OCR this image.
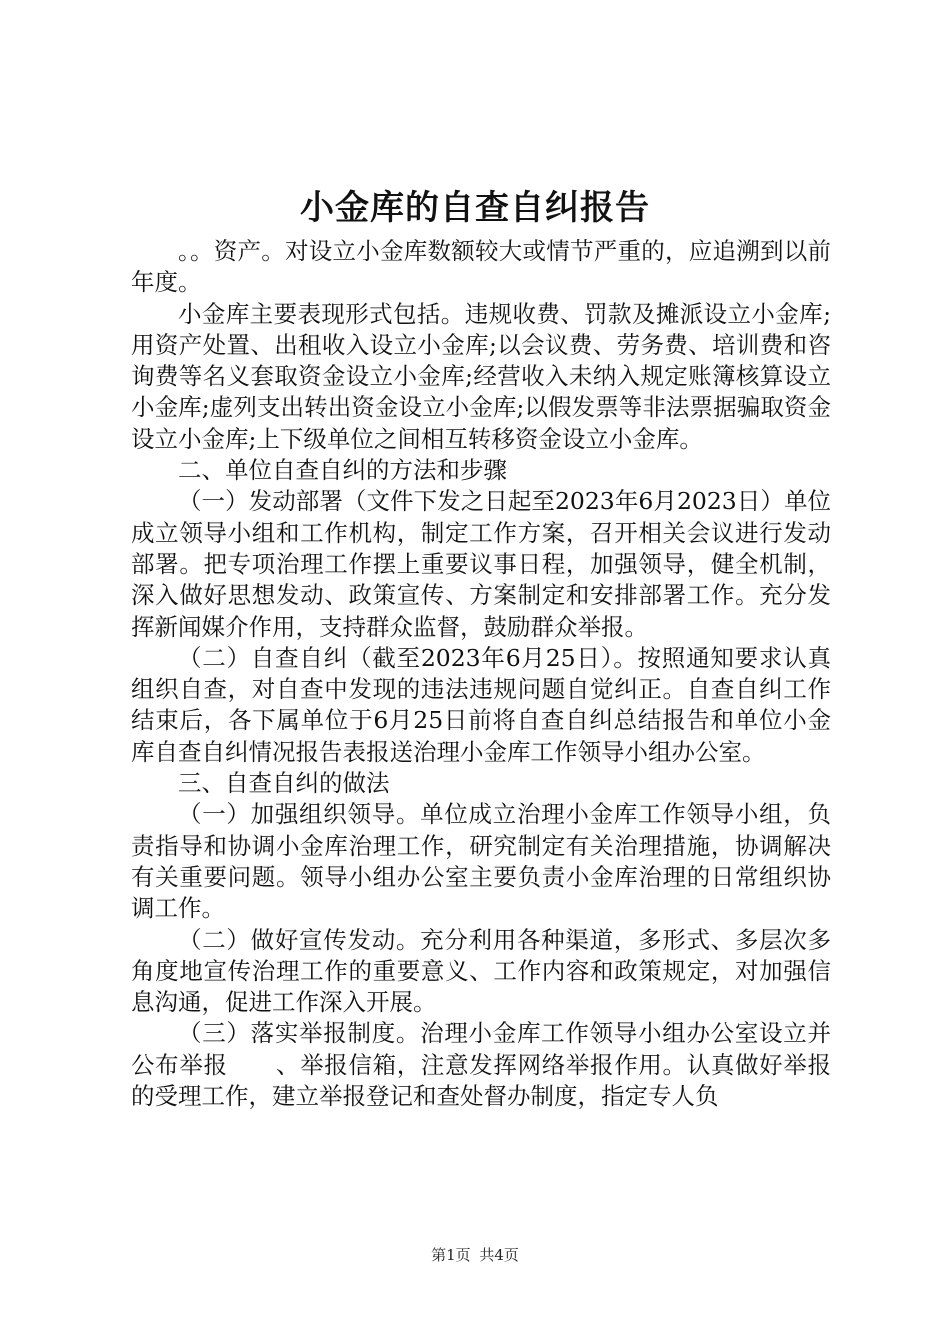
小金库的自查自纠报告

。。资产。对设立小金库数额较大或情节严重的，应追溯到以前年度。

小金库主要表现形式包括。违规收费、罚款及摊派设立小金库;用资产处置、出租收入设立小金库;以会议费、劳务费、培训费和咨询费等名义套取资金设立小金库;经营收入未纳入规定账簿核算设立小金库;虚列支出转出资金设立小金库;以假发票等非法票据骗取资金设立小金库;上下级单位之间相互转移资金设立小金库。

二、单位自查自纠的方法和步骤

（一）发动部署（文件下发之日起至2023年6月2023日）单位成立领导小组和工作机构，制定工作方案，召开相关会议进行发动部署。把专项治理工作摆上重要议事日程，加强领导，健全机制，深入做好思想发动、政策宣传、方案制定和安排部署工作。充分发挥新闻媒介作用，支持群众监督，鼓励群众举报。

（二）自查自纠（截至2023年6月25日）。按照通知要求认真组织自查，对自查中发现的违法违规问题自觉纠正。自查自纠工作结束后，各下属单位于6月25日前将自查自纠总结报告和单位小金库自查自纠情况报告表报送治理小金库工作领导小组办公室。

三、自查自纠的做法

（一）加强组织领导。单位成立治理小金库工作领导小组，负责指导和协调小金库治理工作，研究制定有关治理措施，协调解决有关重要问题。领导小组办公室主要负责小金库治理的日常组织协调工作。

（二）做好宣传发动。充分利用各种渠道，多形式、多层次多角度地宣传治理工作的重要意义、工作内容和政策规定，对加强信息沟通，促进工作深入开展。

（三）落实举报制度。治理小金库工作领导小组办公室设立并公布举报　　、举报信箱，注意发挥网络举报作用。认真做好举报的受理工作，建立举报登记和查处督办制度，指定专人负

第1页 共4页
